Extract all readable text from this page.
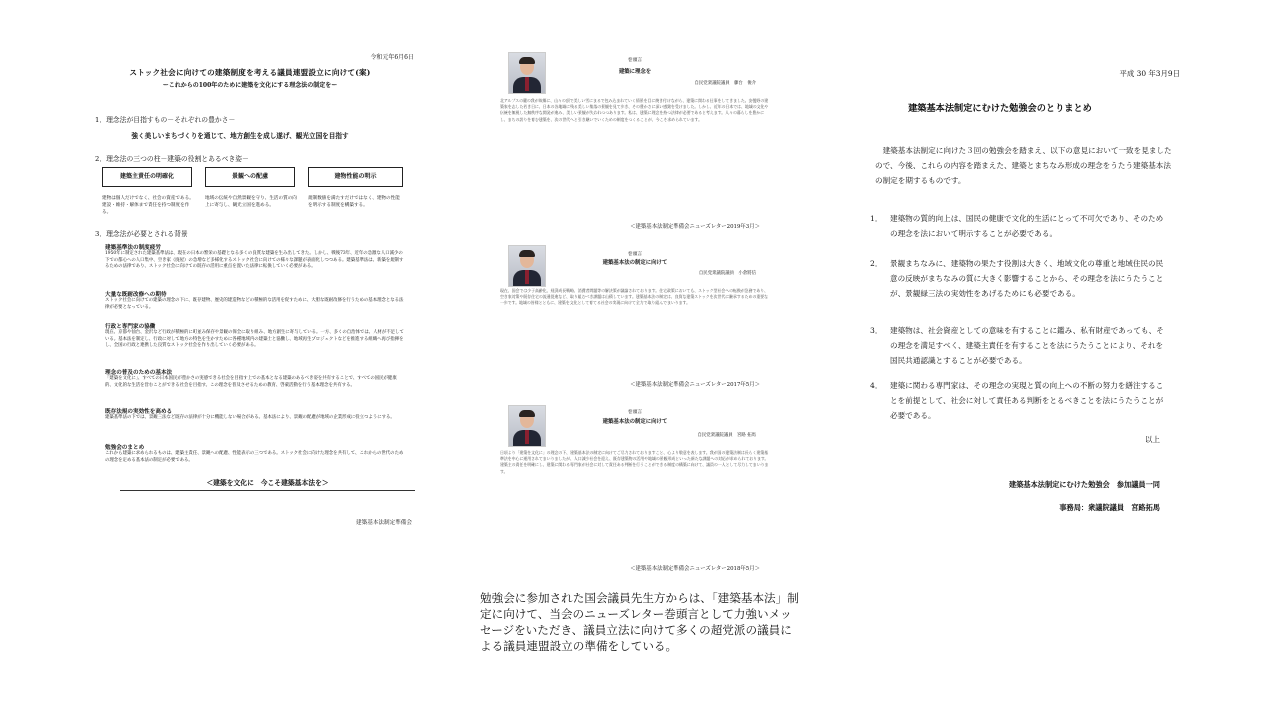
令和元年6月6日
ストック社会に向けての建築制度を考える議員連盟設立に向けて(案)
ーこれからの100年のために建築を文化にする理念法の制定をー
1．理念法が目指すもの－それぞれの豊かさ－
強く美しいまちづくりを通じて、地方創生を成し遂げ、観光立国を目指す
2．理念法の三つの柱－建築の役割とあるべき姿－
建築主責任の明確化	景観への配慮	建物性能の明示
建物は個人だけでなく、社会の資産である。建設・維持・解体まで責任を持つ制度を作る。
地域の伝統や自然景観を守り、生活の質の向上に寄与し、観光立国を進める。
規制数値を満たすだけではなく、建物の性能を明示する制度を構築する。
3．理念法が必要とされる背景
建築基準法の制度疲労
1950年に制定された建築基準法は、現在の日本の繁栄の基礎となる多くの良質な建築を生み出してきた。しかし、戦後73年、近年の急激な人口減少の下での都心への人口集中、空き家（廃屋）の急増など多様化するストック社会に向けての様々な課題が表面化しつつある。建築基準法は、新築を規制するための法律であり、ストック社会に向けての既存の活用に重点を置いた法律に転換していく必要がある。
大量な既耐改修への期待
ストック社会に向けての建築の理念の下に、既存建物、歴史的建造物などの積極的な活用を促すために、大胆な既耐改修を行うための基本理念となる法律が必要となっている。
行政と専門家の協働
現在、京都や仙台、金沢など行政が積極的に町並み保存や景観の保全に取り組み、地方創生に寄与している。一方、多くの自治体では、人材が不足している。基本法を制定し、行政に対して地方の特色を生かすために各種地域内の建築士と協働し、地域再生プロジェクトなどを推進する組織へ再び指揮をし、全国の行政と連携した良質なストック社会を作り出していく必要がある。
理念の普及のための基本法
「建築を文化に」、すべての日本国民が豊かさの実感できる社会を目指す上での基本となる建築のあるべき姿を共有することで、すべての国民が健康的、文化的な生活を営むことができる社会を目指す。この理念を普及させるための教育、啓蒙活動を行う基本理念を共有する。
既存法規の実効性を高める
建築基準法の下では、景観三法など既存の法律が十分に機能しない場合がある。基本法により、景観の配慮が地域の企業形成に役立つようにする。
勉強会のまとめ
これから建築に求められるものは、建築主責任、景観への配慮、性能表示の三つである。ストック社会に向けた理念を共有して、これからの世代のための理念を定める基本法の制定が必要である。
＜建築を文化に　今こそ建築基本法を＞
建築基本法制定準備会
巻頭言
建築に理念を
自民党衆議院議員　藤台　俊介
北アルプスの麓の我が故郷に、山々の頂で美しい雪にまるで包み込まれていく情景を目に焼き付けながら、建築に関わる仕事をしてきました。安曇野の建築家を志した若き日に、日本の各地域に残る美しい集落の景観を見て歩き、その豊かさに深い感銘を受けました。しかし、近年の日本では、地域の文化や伝統を無視した無秩序な開発が進み、美しい景観が失われつつあります。私は、建築に理念を持つ法律が必要であると考えます。人々の暮らしを豊かにし、まちの誇りを育む建築を、次の世代へと引き継いでいくための制度をつくることが、今こそ求められています。
＜建築基本法制定準備会ニューズレター2019年3月＞
巻頭言
建築基本法の制定に向けて
自民党衆議院議員　小倉將信
現在、国会では少子高齢化、経済成長戦略、消費者問題等の解決策が議論されております。住宅政策においても、ストック型社会への転換が急務であり、空き家対策や既存住宅の流通促進など、取り組むべき課題は山積しています。建築基本法の制定は、良質な建築ストックを次世代に継承するための重要な一歩です。地域の皆様とともに、建築を文化として育てる社会の実現に向けて全力で取り組んでまいります。
＜建築基本法制定準備会ニューズレター2017年5月＞
巻頭言
建築基本法の制定に向けて
自民党衆議院議員　宮路 拓馬
日頃より「建築を文化に」の理念の下、建築基本法の制定に向けてご尽力されておりますこと、心より敬意を表します。我が国の建築法制は長らく建築基準法を中心に運用されてまいりましたが、人口減少社会を迎え、既存建築物の活用や地域の景観形成といった新たな課題への対応が求められております。建築主の責任を明確にし、建築に関わる専門家が社会に対して責任ある判断を行うことができる制度の構築に向けて、議員の一人として尽力してまいります。
＜建築基本法制定準備会ニューズレター2018年5月＞
勉強会に参加された国会議員先生方からは、「建築基本法」制定に向けて、当会のニューズレター巻頭言として力強いメッセージをいただき、議員立法に向けて多くの超党派の議員による議員連盟設立の準備をしている。
平成 30 年3月9日
建築基本法制定にむけた勉強会のとりまとめ
建築基本法制定に向けた３回の勉強会を踏まえ、以下の意見において一致を見ましたので、今後、これらの内容を踏まえた、建築とまちなみ形成の理念をうたう建築基本法の制定を期するものです。
1． 建築物の質的向上は、国民の健康で文化的生活にとって不可欠であり、そのための理念を法において明示することが必要である。
2． 景観まちなみに、建築物の果たす役割は大きく、地域文化の尊重と地域住民の民意の反映がまちなみの質に大きく影響することから、その理念を法にうたうことが、景観緑三法の実効性をあげるためにも必要である。
3． 建築物は、社会資産としての意味を有することに鑑み、私有財産であっても、その理念を満足すべく、建築主責任を有することを法にうたうことにより、それを国民共通認識とすることが必要である。
4． 建築に関わる専門家は、その理念の実現と質の向上への不断の努力を繕注することを前提として、社会に対して責任ある判断をとるべきことを法にうたうことが必要である。
以上
建築基本法制定にむけた勉強会　参加議員一同
事務局：衆議院議員　宮路拓馬
